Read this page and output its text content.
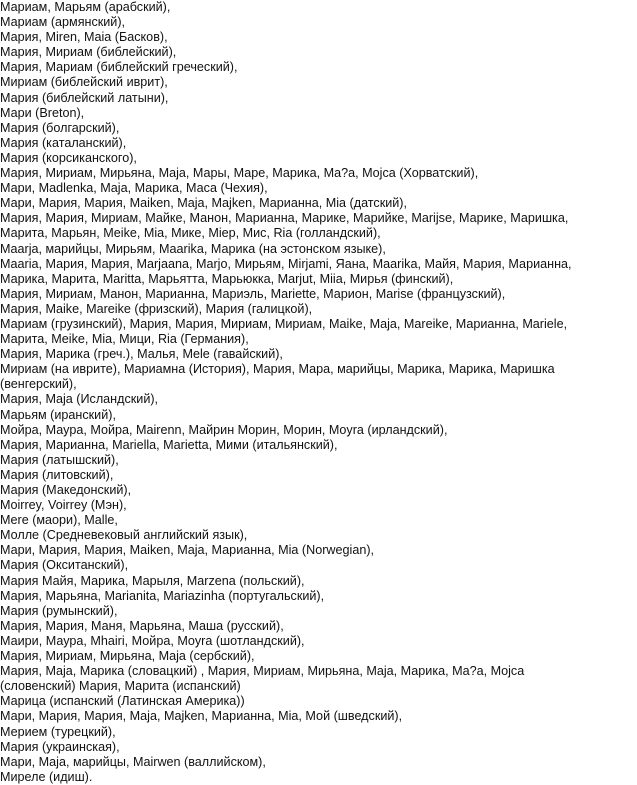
Мариам, Марьям (арабский),
Мариам (армянский),
Мария, Miren, Maia (Басков),
Мария, Мириам (библейский),
Мария, Мариам (библейский греческий),
Мириам (библейский иврит),
Мария (библейский латыни),
Мари (Breton),
Мария (болгарский),
Мария (каталанский),
Мария (корсиканского),
Мария, Мириам, Мирьяна, Maja, Мары, Маре, Марика, Ma?a, Mojca (Хорватский),
Мари, Madlenka, Maja, Марика, Маса (Чехия),
Мари, Мария, Мария, Maiken, Maja, Majken, Марианна, Mia (датский),
Мария, Мария, Мириам, Майке, Манон, Марианна, Марике, Марийке, Marijse, Марике, Маришка,
Марита, Марьян, Meike, Mia, Мике, Miep, Мис, Ria (голландский),
Maarja, марийцы, Мирьям, Maarika, Марика (на эстонском языке),
Maaria, Мария, Мария, Marjaana, Marjo, Мирьям, Mirjami, Яана, Maarika, Майя, Мария, Марианна,
Марика, Марита, Maritta, Марьятта, Марьюкка, Marjut, Miia, Мирья (финский),
Мария, Мириам, Манон, Марианна, Мариэль, Mariette, Марион, Marise (французский),
Мария, Maike, Mareike (фризский), Мария (галицкой),
Мариам (грузинский), Мария, Мария, Мириам, Мириам, Maike, Maja, Mareike, Марианна, Mariele,
Марита, Meike, Mia, Мици, Ria (Германия),
Мария, Марика (греч.), Малья, Mele (гавайский),
Мириам (на иврите), Мариамна (История), Мария, Мара, марийцы, Марика, Марика, Маришка
(венгерский),
Мария, Maja (Исландский),
Марьям (иранский),
Мойра, Маура, Мойра, Mairenn, Майрин Морин, Морин, Moyra (ирландский),
Мария, Марианна, Mariella, Marietta, Мими (итальянский),
Мария (латышский),
Мария (литовский),
Мария (Македонский),
Moirrey, Voirrey (Мэн),
Mere (маори), Malle,
Молле (Средневековый английский язык),
Мари, Мария, Мария, Maiken, Maja, Марианна, Mia (Norwegian),
Мария (Окситанский),
Мария Майя, Марика, Марыля, Marzena (польский),
Мария, Марьяна, Marianita, Mariazinha (португальский),
Мария (румынский),
Мария, Мария, Маня, Марьяна, Маша (русский),
Маири, Маура, Mhairi, Мойра, Moyra (шотландский),
Мария, Мириам, Мирьяна, Maja (сербский),
Мария, Maja, Марика (словацкий) , Мария, Мириам, Мирьяна, Maja, Марика, Ma?a, Mojca
(словенский) Мария, Марита (испанский)
Марица (испанский (Латинская Америка))
Мари, Мария, Мария, Maja, Majken, Марианна, Mia, Мой (шведский),
Мерием (турецкий),
Мария (украинская),
Мари, Maja, марийцы, Mairwen (валлийском),
Миреле (идиш).
